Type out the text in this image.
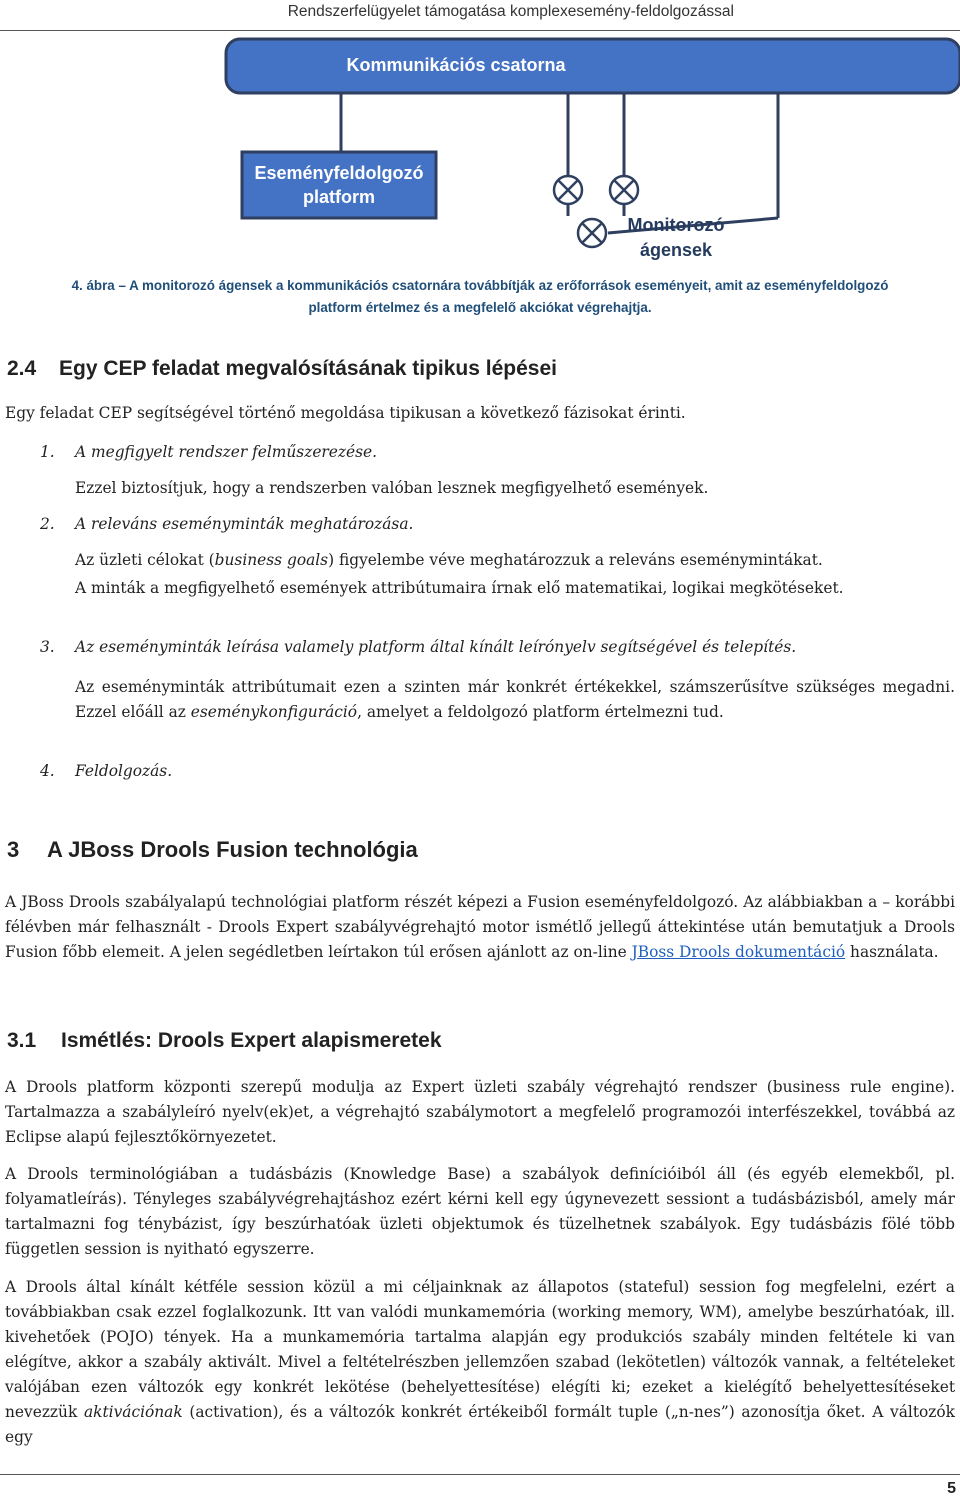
Rendszerfelügyelet támogatása komplexesemény-feldolgozással
Kommunikációs csatorna
Eseményfeldolgozó
platform
Monitorozó
ágensek
4. ábra – A monitorozó ágensek a kommunikációs csatornára továbbítják az erőforrások eseményeit, amit az eseményfeldolgozó
platform értelmez és a megfelelő akciókat végrehajtja.
2.4 Egy CEP feladat megvalósításának tipikus lépései
Egy feladat CEP segítségével történő megoldása tipikusan a következő fázisokat érinti.
1. A megfigyelt rendszer felműszerezése.
Ezzel biztosítjuk, hogy a rendszerben valóban lesznek megfigyelhető események.
2. A releváns eseményminták meghatározása.
Az üzleti célokat (business goals) figyelembe véve meghatározzuk a releváns eseménymintákat.
A minták a megfigyelhető események attribútumaira írnak elő matematikai, logikai megkötéseket.
3. Az eseményminták leírása valamely platform által kínált leírónyelv segítségével és telepítés.
Az eseményminták attribútumait ezen a szinten már konkrét értékekkel, számszerűsítve szükséges megadni. Ezzel előáll az eseménykonfiguráció, amelyet a feldolgozó platform értelmezni tud.
4. Feldolgozás.
3 A JBoss Drools Fusion technológia
A JBoss Drools szabályalapú technológiai platform részét képezi a Fusion eseményfeldolgozó. Az alábbiakban a – korábbi félévben már felhasznált - Drools Expert szabályvégrehajtó motor ismétlő jellegű áttekintése után bemutatjuk a Drools Fusion főbb elemeit. A jelen segédletben leírtakon túl erősen ajánlott az on-line JBoss Drools dokumentáció használata.
3.1 Ismétlés: Drools Expert alapismeretek
A Drools platform központi szerepű modulja az Expert üzleti szabály végrehajtó rendszer (business rule engine). Tartalmazza a szabályleíró nyelv(ek)et, a végrehajtó szabálymotort a megfelelő programozói interfészekkel, továbbá az Eclipse alapú fejlesztőkörnyezetet.
A Drools terminológiában a tudásbázis (Knowledge Base) a szabályok definícióiból áll (és egyéb elemekből, pl. folyamatleírás). Tényleges szabályvégrehajtáshoz ezért kérni kell egy úgynevezett sessiont a tudásbázisból, amely már tartalmazni fog ténybázist, így beszúrhatóak üzleti objektumok és tüzelhetnek szabályok. Egy tudásbázis fölé több független session is nyitható egyszerre.
A Drools által kínált kétféle session közül a mi céljainknak az állapotos (stateful) session fog megfelelni, ezért a továbbiakban csak ezzel foglalkozunk. Itt van valódi munkamemória (working memory, WM), amelybe beszúrhatóak, ill. kivehetőek (POJO) tények. Ha a munkamemória tartalma alapján egy produkciós szabály minden feltétele ki van elégítve, akkor a szabály aktivált. Mivel a feltételrészben jellemzően szabad (lekötetlen) változók vannak, a feltételeket valójában ezen változók egy konkrét lekötése (behelyettesítése) elégíti ki; ezeket a kielégítő behelyettesítéseket nevezzük aktivációnak (activation), és a változók konkrét értékeiből formált tuple („n-nes”) azonosítja őket. A változók egy
5
